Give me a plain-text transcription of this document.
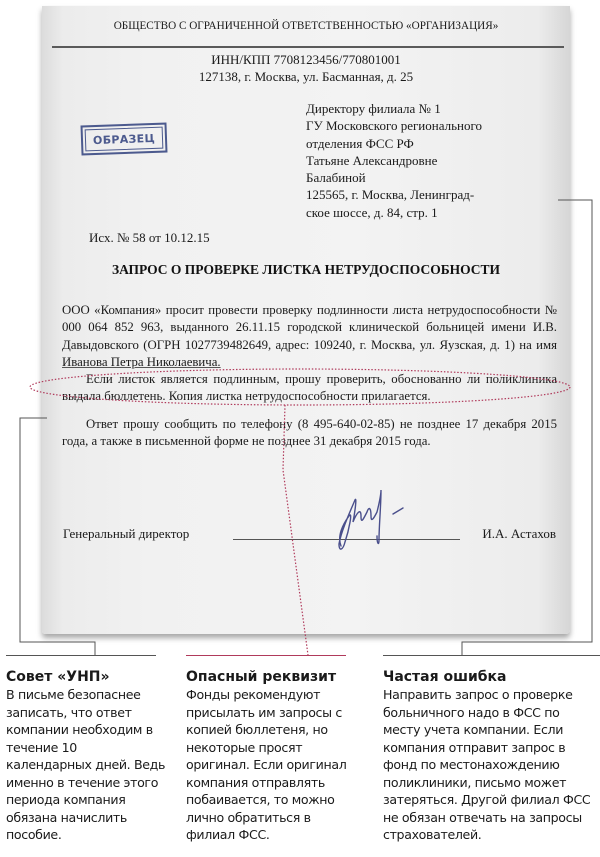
ОБЩЕСТВО С ОГРАНИЧЕННОЙ ОТВЕТСТВЕННОСТЬЮ «ОРГАНИЗАЦИЯ»
ИНН/КПП 7708123456/770801001
127138, г. Москва, ул. Басманная, д. 25
Директору филиала № 1
ГУ Московского регионального
отделения ФСС РФ
Татьяне Александровне
Балабиной
125565, г. Москва, Ленинград-
ское шоссе, д. 84, стр. 1
ОБРАЗЕЦ
Исх. № 58 от 10.12.15
ЗАПРОС О ПРОВЕРКЕ ЛИСТКА НЕТРУДОСПОСОБНОСТИ
ООО «Компания» просит провести проверку подлинности листа нетрудоспособности № 000 064 852 963, выданного 26.11.15 городской клинической больницей имени И.В. Давыдовского (ОГРН 1027739482649, адрес: 109240, г. Москва, ул. Яузская, д. 1) на имя Иванова Петра Николаевича.
Если листок является подлинным, прошу проверить, обоснованно ли поликлиника выдала бюллетень. Копия листка нетрудоспособности прилагается.
Ответ прошу сообщить по телефону (8 495-640-02-85) не позднее 17 декабря 2015 года, а также в письменной форме не позднее 31 декабря 2015 года.
Генеральный директор	И.А. Астахов
Совет «УНП»

В письме безопаснее записать, что ответ компании необходим в течение 10 календарных дней. Ведь именно в течение этого периода компания обязана начислить пособие.

Опасный реквизит

Фонды рекомендуют присылать им запросы с копией бюллетеня, но некоторые просят оригинал. Если оригинал компания отправлять побаивается, то можно лично обратиться в филиал ФСС.

Частая ошибка

Направить запрос о проверке больничного надо в ФСС по месту учета компании. Если компания отправит запрос в фонд по местонахождению поликлиники, письмо может затеряться. Другой филиал ФСС не обязан отвечать на запросы страхователей.
